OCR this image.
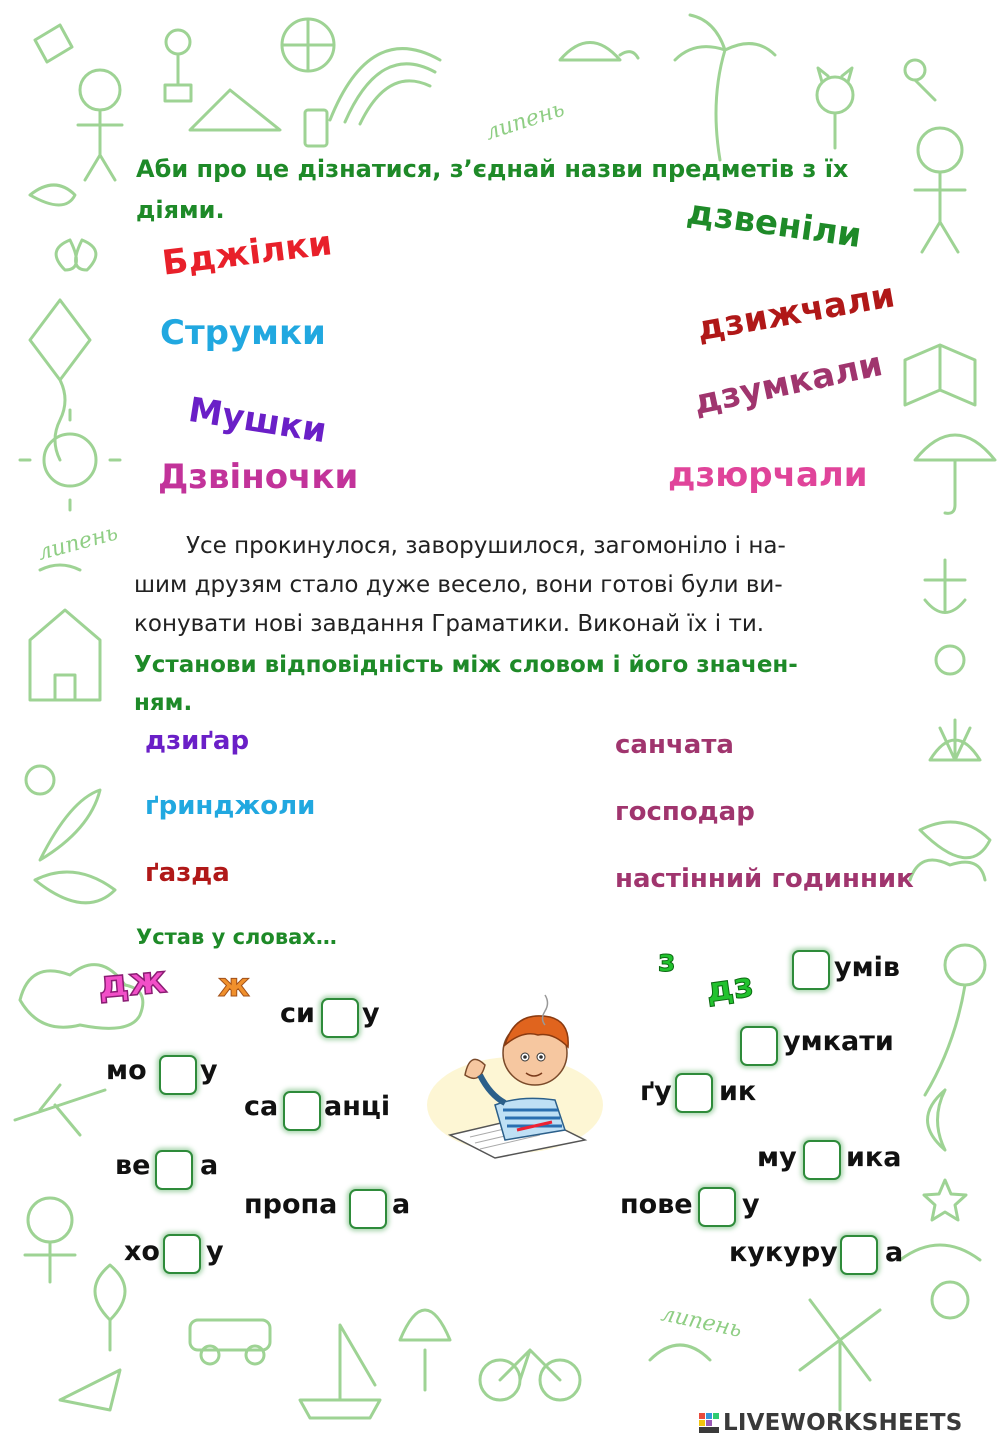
липень
липень
липень
Аби про це дізнатися, з’єднай назви предметів з їх
діями.
Бджілки
Струмки
Мушки
Дзвіночки
дзвеніли
дзижчали
дзумкали
дзюрчали
Усе прокинулося, заворушилося, загомоніло і на-
шим друзям стало дуже весело, вони готові були ви-
конувати нові завдання Граматики. Виконай їх і ти.
Установи відповідність між словом і його значен-
ням.
дзиґар
ґринджоли
ґазда
санчата
господар
настінний годинник
Устав у словах…
дж ж
з
дз
си у
мо у
са анці
ве а
пропа а
хо у
умів
умкати
ґу ик
му ика
пове у
кукуру а
LIVEWORKSHEETS
